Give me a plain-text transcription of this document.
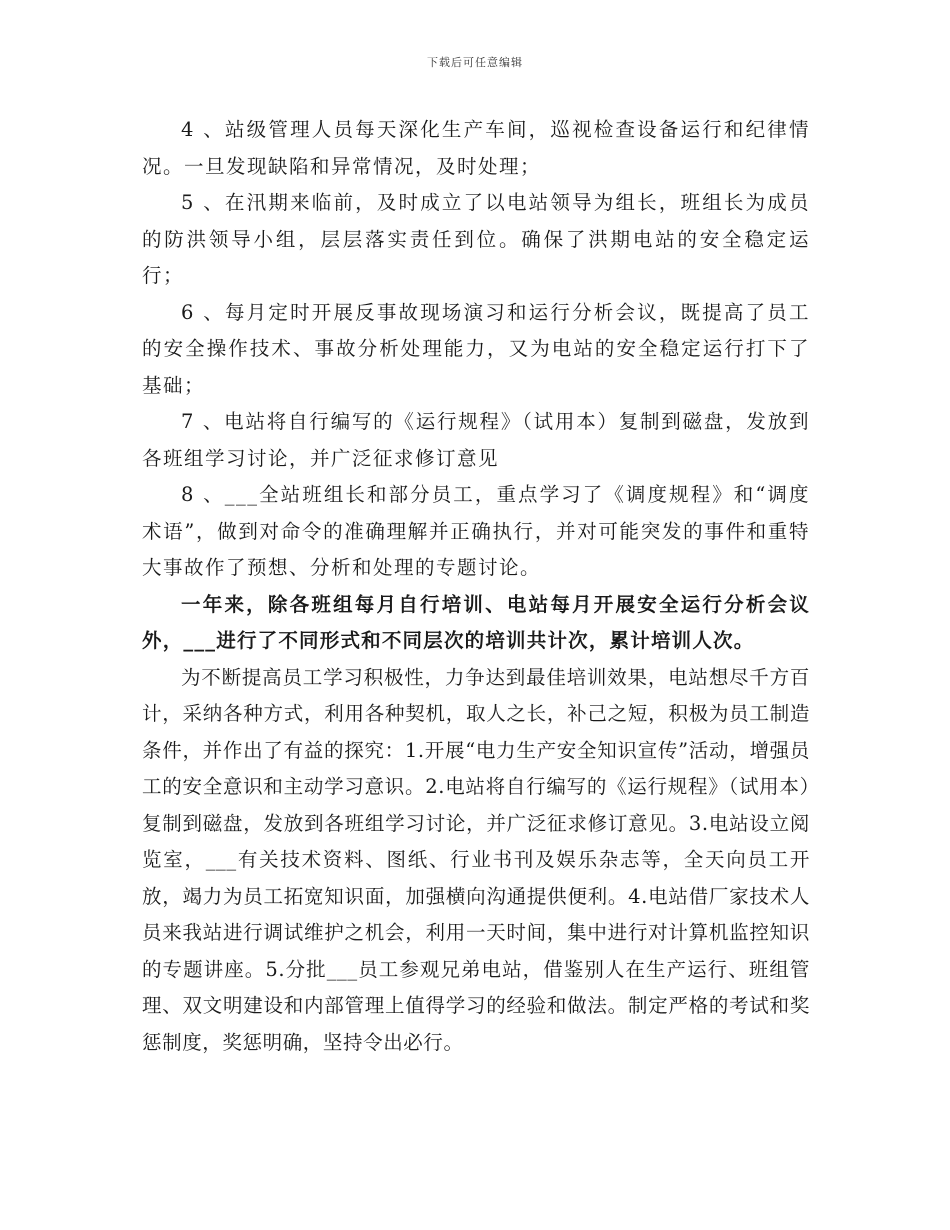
下载后可任意编辑

4 、站级管理人员每天深化生产车间，巡视检查设备运行和纪律情况。一旦发现缺陷和异常情况，及时处理；

5 、在汛期来临前，及时成立了以电站领导为组长，班组长为成员的防洪领导小组，层层落实责任到位。确保了洪期电站的安全稳定运行；

6 、每月定时开展反事故现场演习和运行分析会议，既提高了员工的安全操作技术、事故分析处理能力，又为电站的安全稳定运行打下了基础；

7 、电站将自行编写的《运行规程》（试用本）复制到磁盘，发放到各班组学习讨论，并广泛征求修订意见

8 、___全站班组长和部分员工，重点学习了《调度规程》和“调度术语”，做到对命令的准确理解并正确执行，并对可能突发的事件和重特大事故作了预想、分析和处理的专题讨论。

一年来，除各班组每月自行培训、电站每月开展安全运行分析会议外，___进行了不同形式和不同层次的培训共计次，累计培训人次。

为不断提高员工学习积极性，力争达到最佳培训效果，电站想尽千方百计，采纳各种方式，利用各种契机，取人之长，补己之短，积极为员工制造条件，并作出了有益的探究：1.开展“电力生产安全知识宣传”活动，增强员工的安全意识和主动学习意识。2.电站将自行编写的《运行规程》（试用本）复制到磁盘，发放到各班组学习讨论，并广泛征求修订意见。3.电站设立阅览室，___有关技术资料、图纸、行业书刊及娱乐杂志等，全天向员工开放，竭力为员工拓宽知识面，加强横向沟通提供便利。4.电站借厂家技术人员来我站进行调试维护之机会，利用一天时间，集中进行对计算机监控知识的专题讲座。5.分批___员工参观兄弟电站，借鉴别人在生产运行、班组管理、双文明建设和内部管理上值得学习的经验和做法。制定严格的考试和奖惩制度，奖惩明确，坚持令出必行。
